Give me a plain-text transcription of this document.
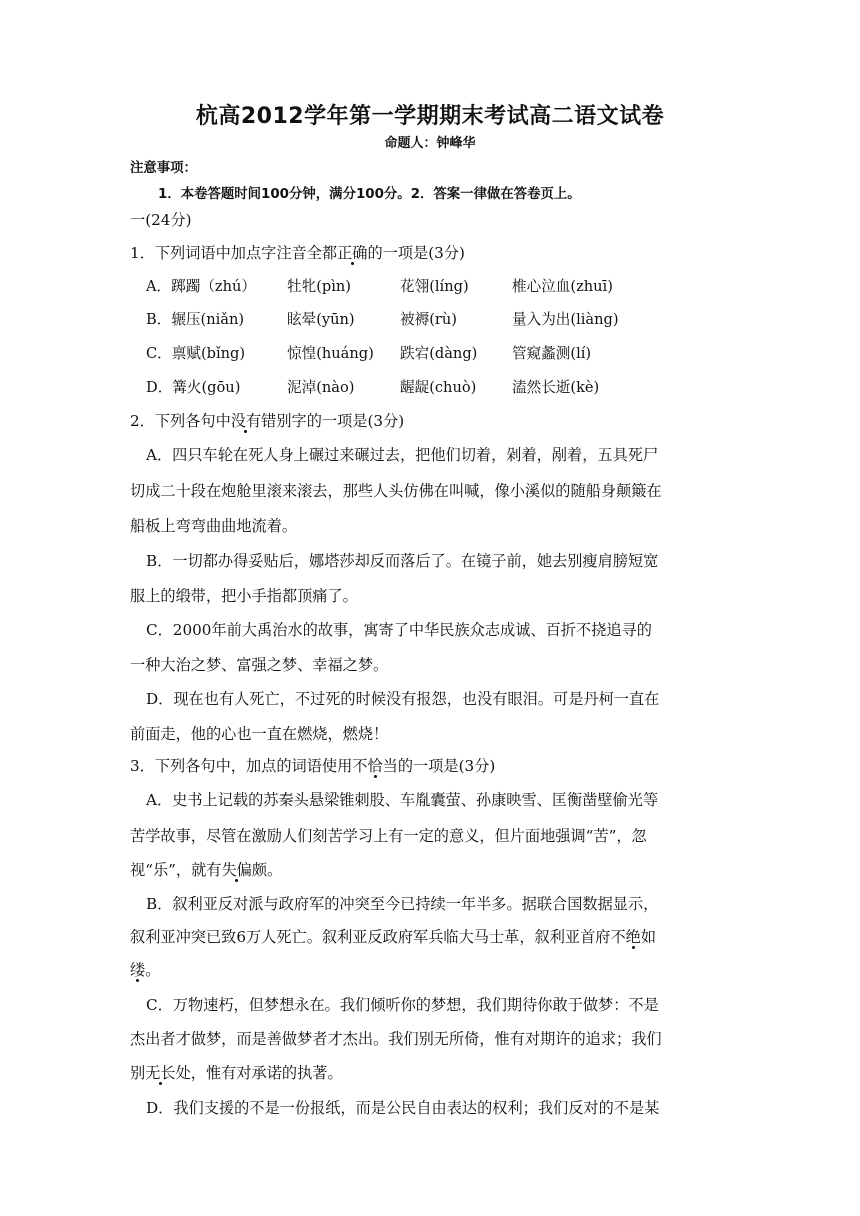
杭高2012学年第一学期期末考试高二语文试卷
命题人：钟峰华
注意事项：
1．本卷答题时间100分钟，满分100分。2．答案一律做在答卷页上。
一(24分)
1．下列词语中加点字注音全都正确的一项是(3分)
A．踯躅（zhú） 牡牝(pìn)	花翎(líng)	椎心泣血(zhuī)
B．辗压(niǎn)	眩晕(yūn)	被褥(rù)	量入为出(liàng)
C．禀赋(bǐng)	惊惶(huáng) 跌宕(dàng) 管窥蠡测(lí)
D．篝火(gōu)	泥淖(nào)	龌龊(chuò) 溘然长逝(kè)
2．下列各句中没有错别字的一项是(3分)
A．四只车轮在死人身上碾过来碾过去，把他们切着，剁着，剐着，五具死尸
切成二十段在炮舱里滚来滚去，那些人头仿佛在叫喊，像小溪似的随船身颠簸在
船板上弯弯曲曲地流着。
B．一切都办得妥贴后，娜塔莎却反而落后了。在镜子前，她去别瘦肩膀短宽
服上的缎带，把小手指都顶痛了。
C．2000年前大禹治水的故事，寓寄了中华民族众志成诚、百折不挠追寻的
一种大治之梦、富强之梦、幸福之梦。
D．现在也有人死亡，不过死的时候没有报怨，也没有眼泪。可是丹柯一直在
前面走，他的心也一直在燃烧，燃烧！
3．下列各句中，加点的词语使用不恰当的一项是(3分)
A．史书上记载的苏秦头悬梁锥刺股、车胤囊萤、孙康映雪、匡衡凿壁偷光等
苦学故事，尽管在激励人们刻苦学习上有一定的意义，但片面地强调“苦”，忽
视“乐”，就有失偏颇。
B．叙利亚反对派与政府军的冲突至今已持续一年半多。据联合国数据显示，
叙利亚冲突已致6万人死亡。叙利亚反政府军兵临大马士革，叙利亚首府不绝如
缕。
C．万物速朽，但梦想永在。我们倾听你的梦想，我们期待你敢于做梦：不是
杰出者才做梦，而是善做梦者才杰出。我们别无所倚，惟有对期许的追求；我们
别无长处，惟有对承诺的执著。
D．我们支援的不是一份报纸，而是公民自由表达的权利；我们反对的不是某
